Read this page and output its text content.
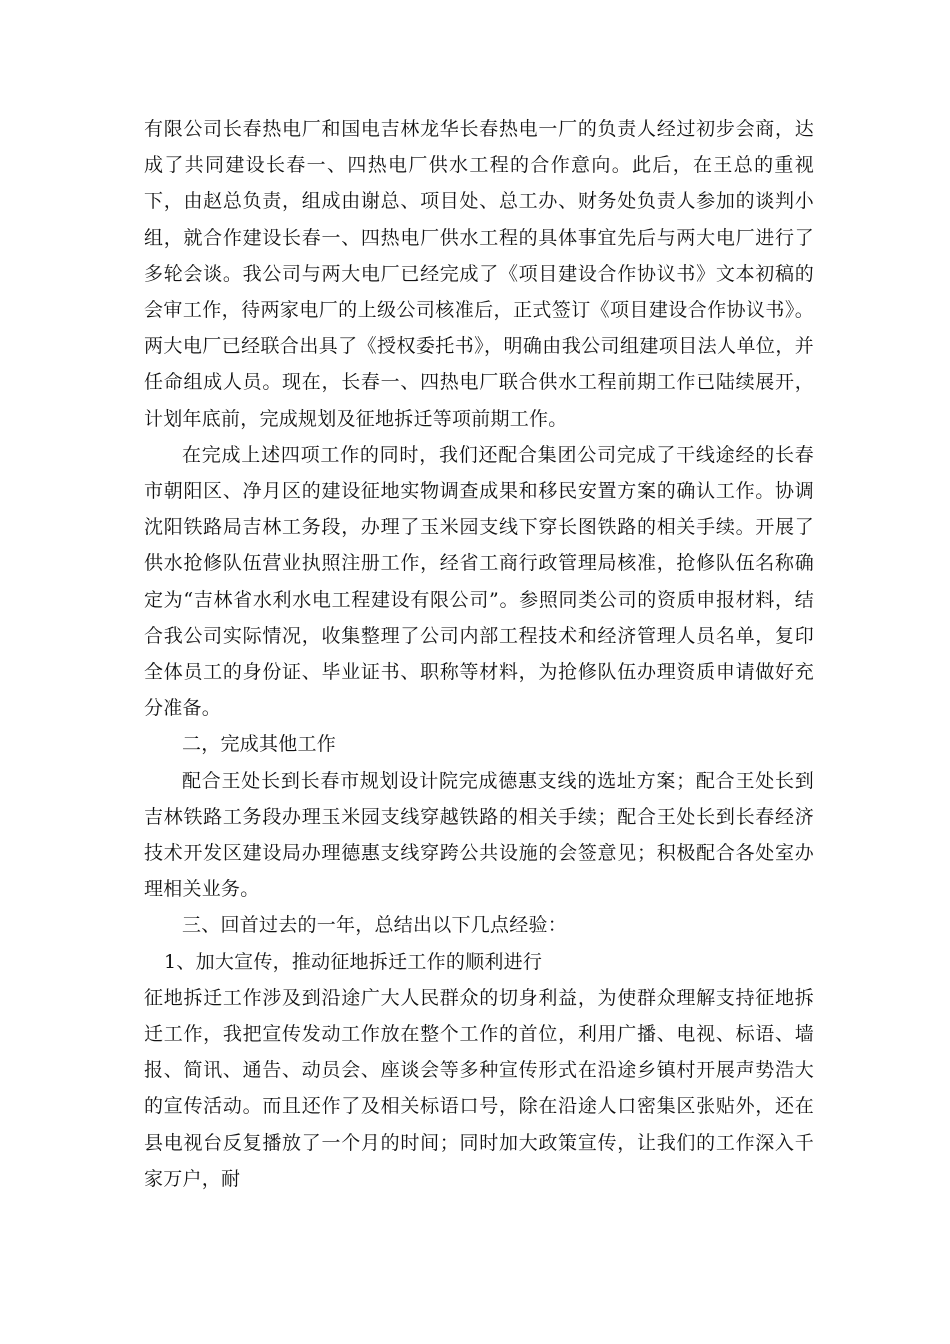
有限公司长春热电厂和国电吉林龙华长春热电一厂的负责人经过初步会商，达成了共同建设长春一、四热电厂供水工程的合作意向。此后，在王总的重视下，由赵总负责，组成由谢总、项目处、总工办、财务处负责人参加的谈判小组，就合作建设长春一、四热电厂供水工程的具体事宜先后与两大电厂进行了多轮会谈。我公司与两大电厂已经完成了《项目建设合作协议书》文本初稿的会审工作，待两家电厂的上级公司核准后，正式签订《项目建设合作协议书》。两大电厂已经联合出具了《授权委托书》，明确由我公司组建项目法人单位，并任命组成人员。现在，长春一、四热电厂联合供水工程前期工作已陆续展开，计划年底前，完成规划及征地拆迁等项前期工作。

在完成上述四项工作的同时，我们还配合集团公司完成了干线途经的长春市朝阳区、净月区的建设征地实物调查成果和移民安置方案的确认工作。协调沈阳铁路局吉林工务段，办理了玉米园支线下穿长图铁路的相关手续。开展了供水抢修队伍营业执照注册工作，经省工商行政管理局核准，抢修队伍名称确定为“吉林省水利水电工程建设有限公司”。参照同类公司的资质申报材料，结合我公司实际情况，收集整理了公司内部工程技术和经济管理人员名单，复印全体员工的身份证、毕业证书、职称等材料，为抢修队伍办理资质申请做好充分准备。

二，完成其他工作

配合王处长到长春市规划设计院完成德惠支线的选址方案；配合王处长到吉林铁路工务段办理玉米园支线穿越铁路的相关手续；配合王处长到长春经济技术开发区建设局办理德惠支线穿跨公共设施的会签意见；积极配合各处室办理相关业务。

三、回首过去的一年，总结出以下几点经验：

1、加大宣传，推动征地拆迁工作的顺利进行

征地拆迁工作涉及到沿途广大人民群众的切身利益，为使群众理解支持征地拆迁工作，我把宣传发动工作放在整个工作的首位，利用广播、电视、标语、墙报、简讯、通告、动员会、座谈会等多种宣传形式在沿途乡镇村开展声势浩大的宣传活动。而且还作了及相关标语口号，除在沿途人口密集区张贴外，还在县电视台反复播放了一个月的时间；同时加大政策宣传，让我们的工作深入千家万户，耐
